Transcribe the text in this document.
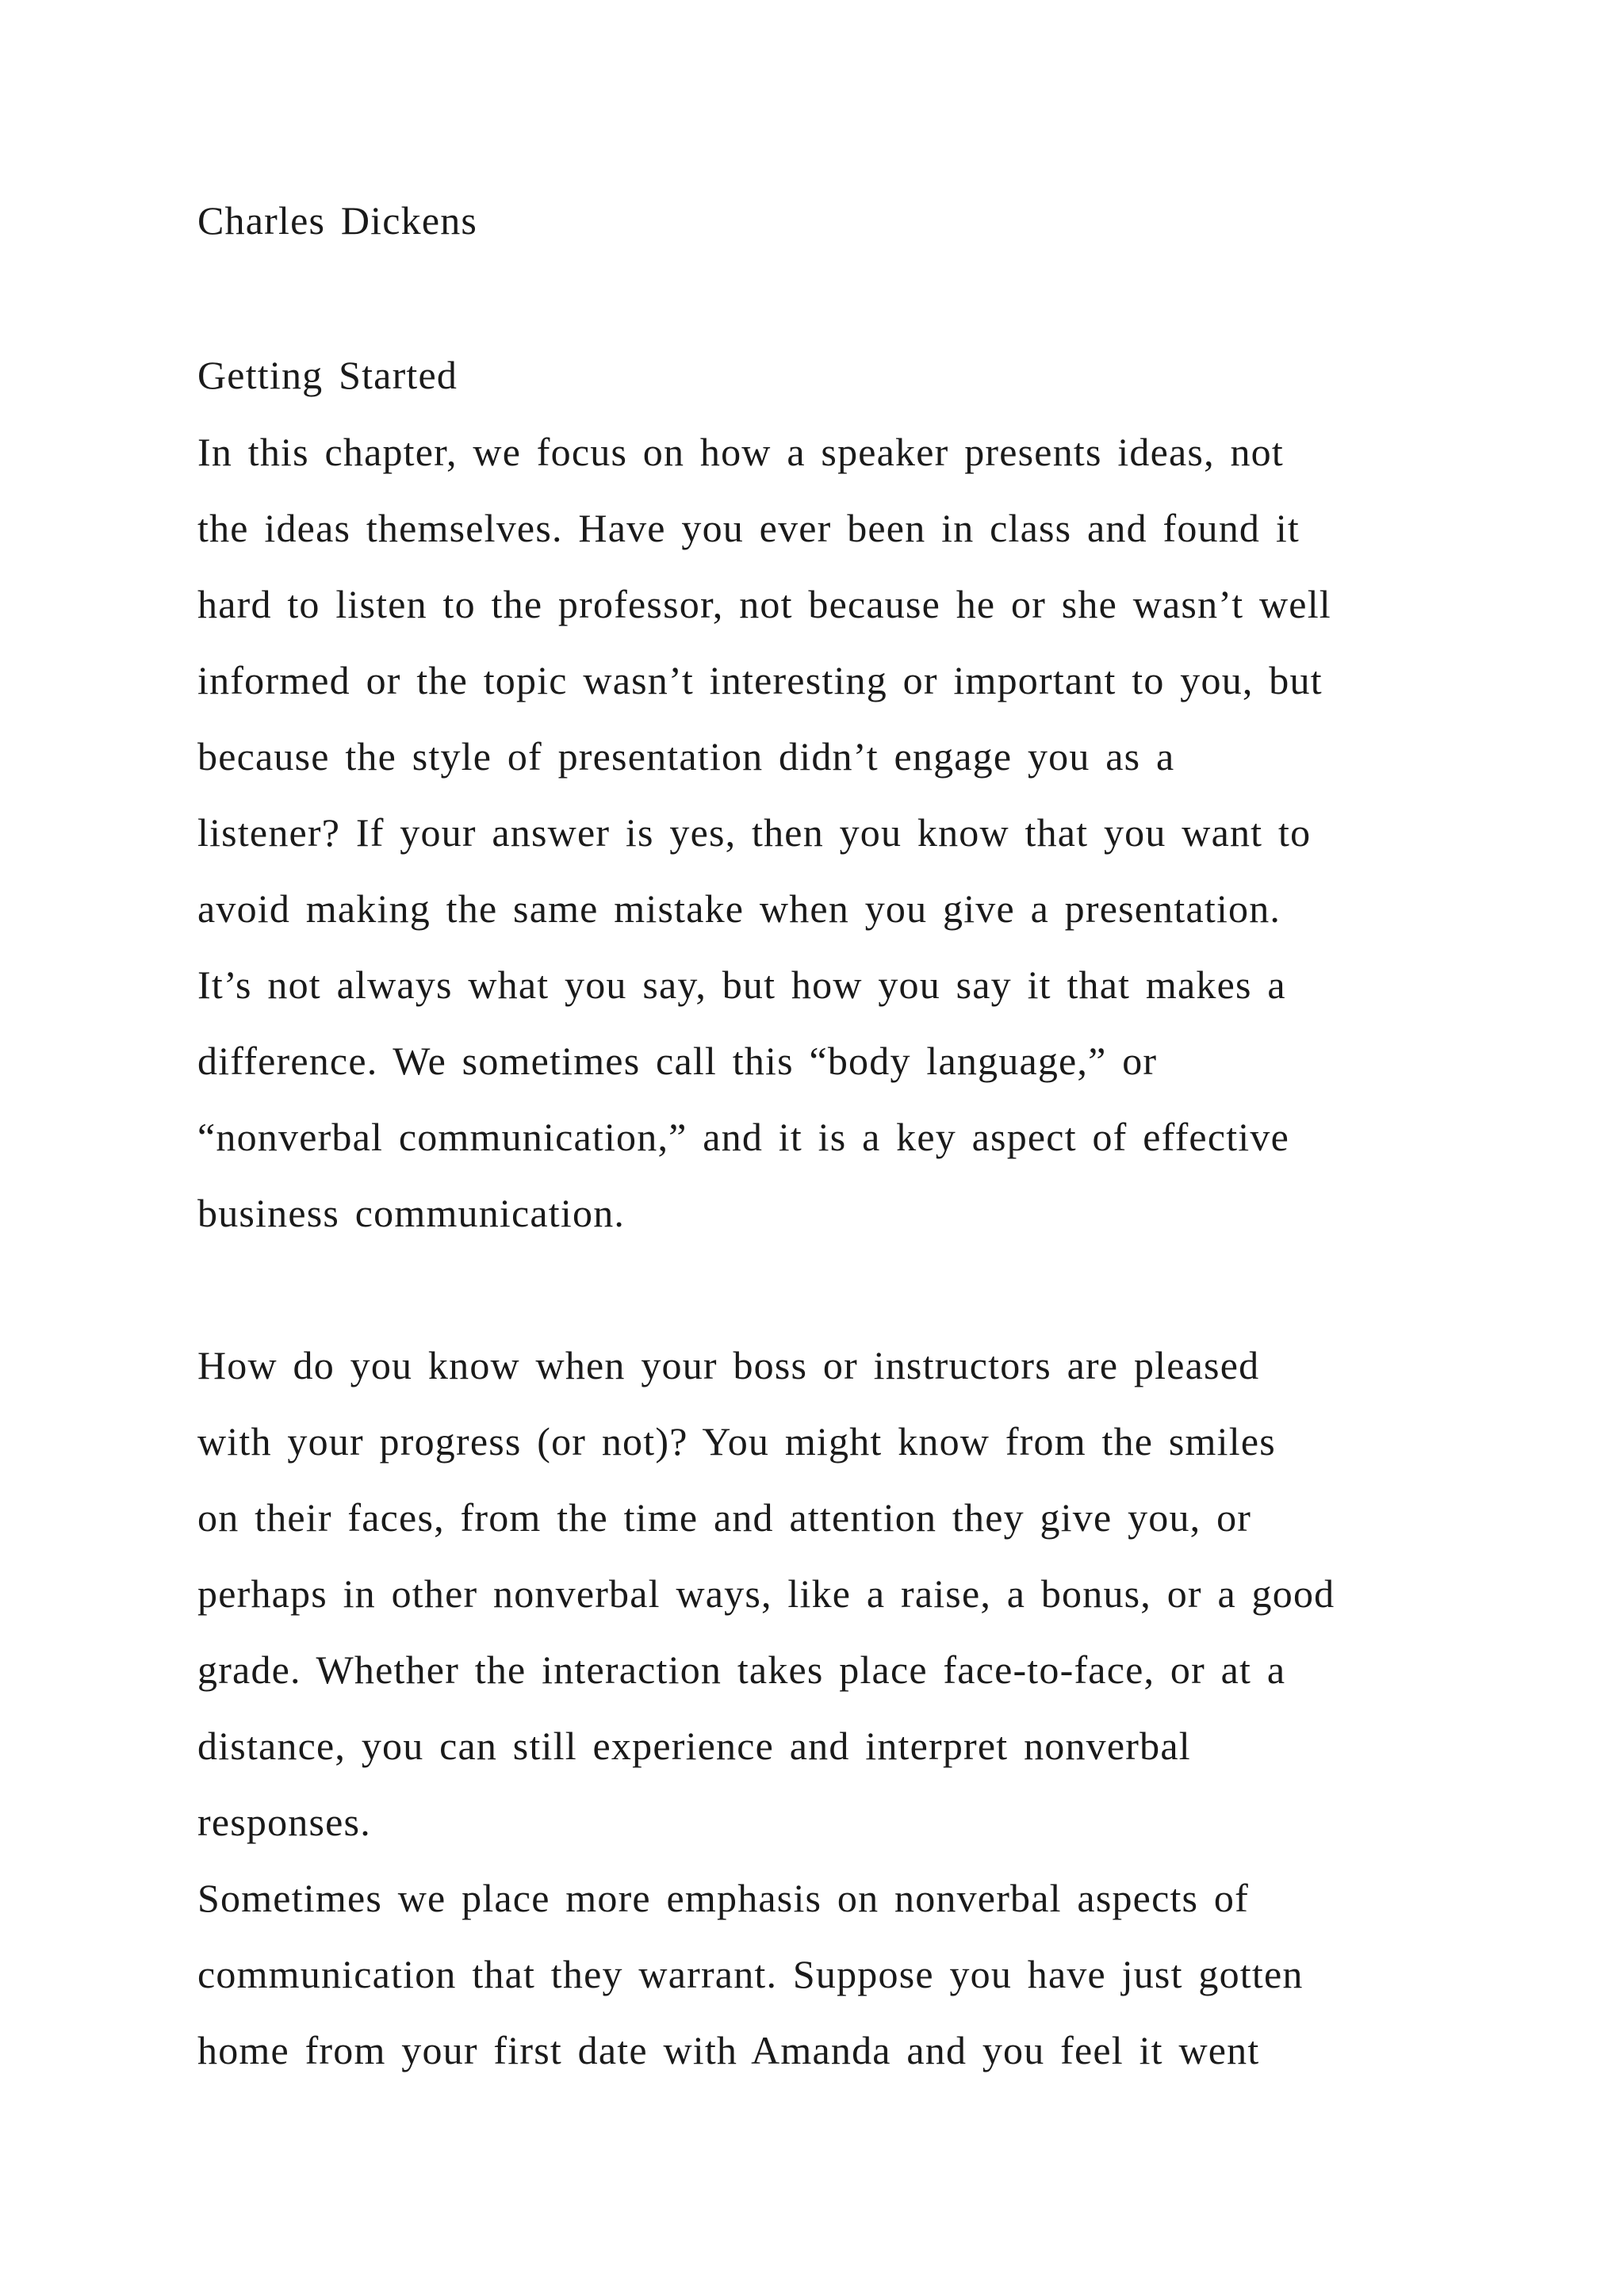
Charles Dickens
Getting Started
In this chapter, we focus on how a speaker presents ideas, not
the ideas themselves. Have you ever been in class and found it
hard to listen to the professor, not because he or she wasn’t well
informed or the topic wasn’t interesting or important to you, but
because the style of presentation didn’t engage you as a
listener? If your answer is yes, then you know that you want to
avoid making the same mistake when you give a presentation.
It’s not always what you say, but how you say it that makes a
difference. We sometimes call this “body language,” or
“nonverbal communication,” and it is a key aspect of effective
business communication.
How do you know when your boss or instructors are pleased
with your progress (or not)? You might know from the smiles
on their faces, from the time and attention they give you, or
perhaps in other nonverbal ways, like a raise, a bonus, or a good
grade. Whether the interaction takes place face-to-face, or at a
distance, you can still experience and interpret nonverbal
responses.
Sometimes we place more emphasis on nonverbal aspects of
communication that they warrant. Suppose you have just gotten
home from your first date with Amanda and you feel it went
